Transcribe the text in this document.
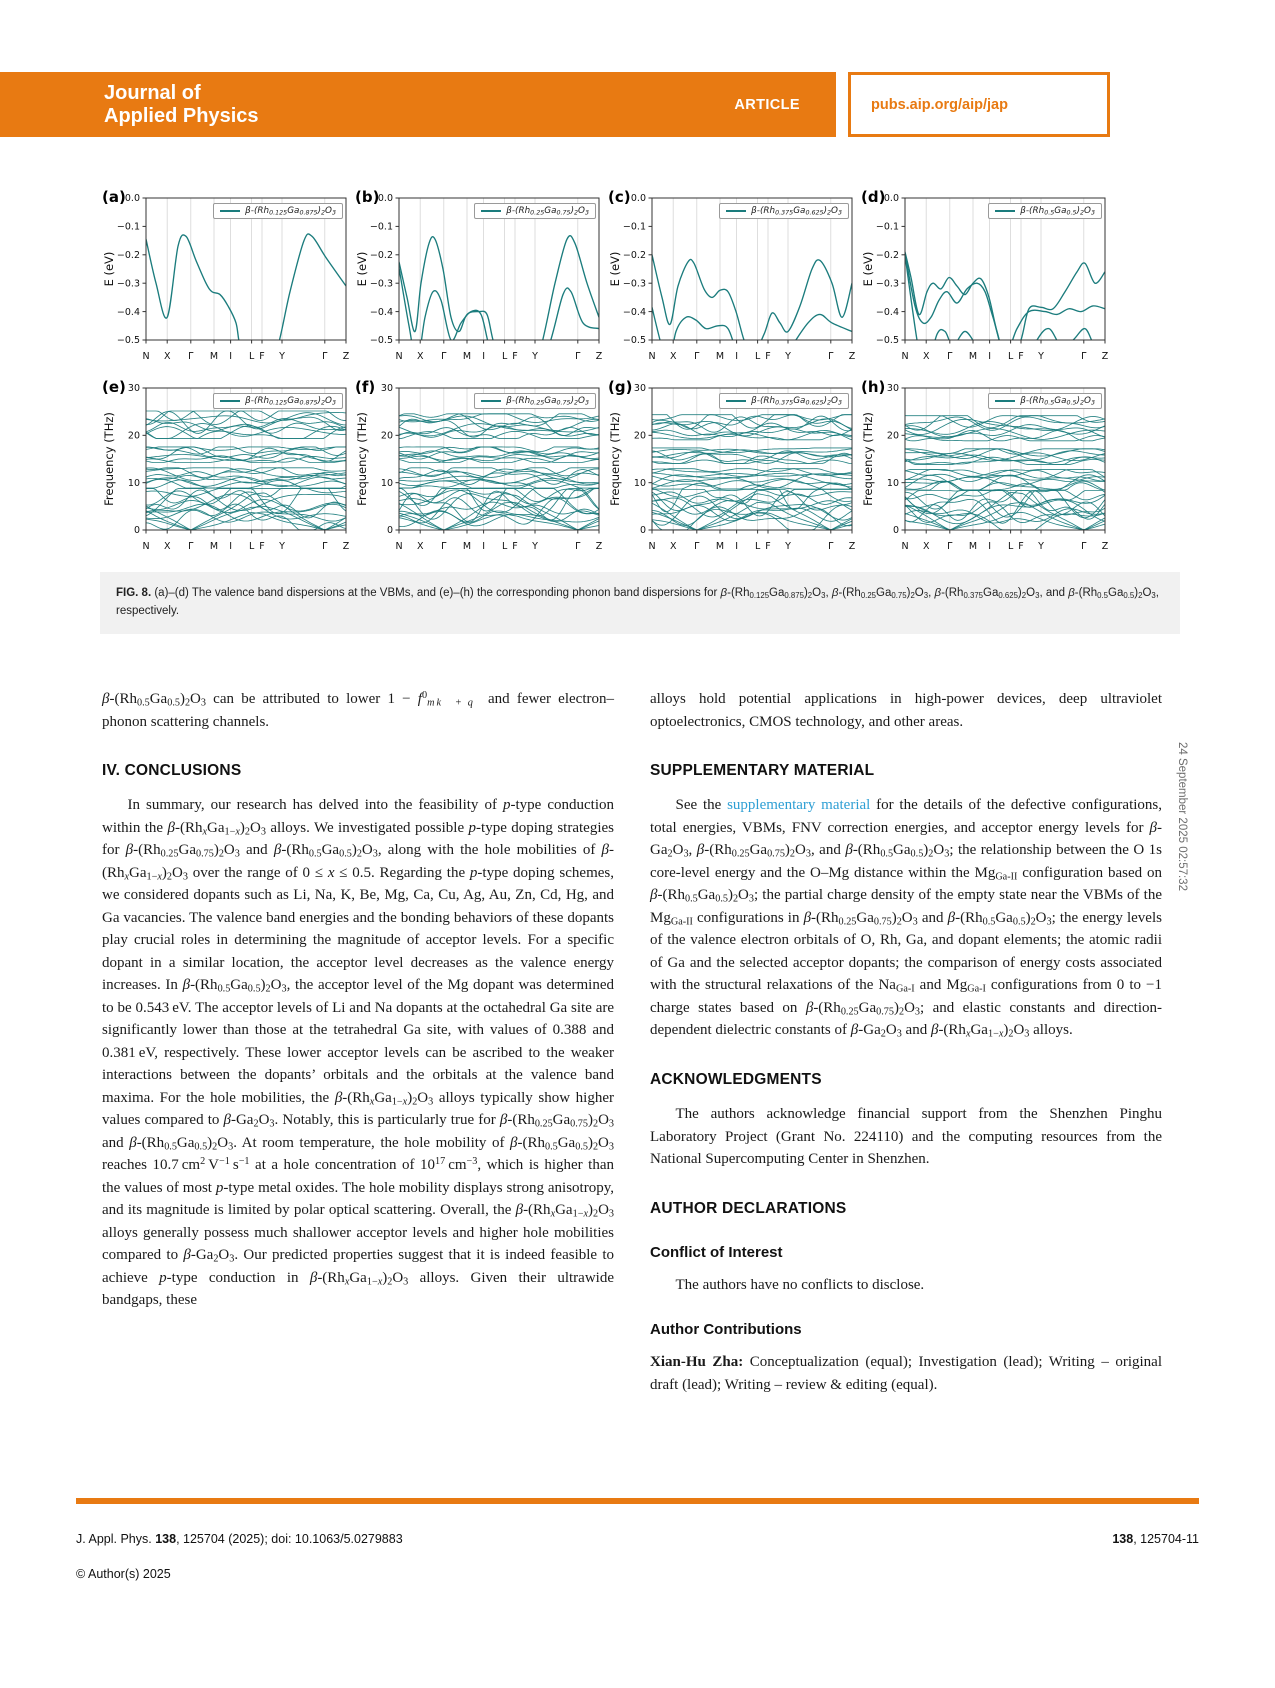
Journal of
Applied Physics	ARTICLE	pubs.aip.org/aip/jap
(a)
N X Γ M I L F Y	Γ Z
0.0
−0.1
−0.2
−0.3
−0.4
−0.5
E (eV)
$\beta-(Rh_{0.125}Ga_{0.875})_2O_3$
(b)
N X Γ M I L F Y	Γ Z
0.0
−0.1
−0.2
−0.3
−0.4
−0.5
E (eV)
$\beta-(Rh_{0.25}Ga_{0.75})_2O_3$
(c)
N X Γ M I L F Y	Γ Z
0.0
−0.1
−0.2
−0.3
−0.4
−0.5
E (eV)
$\beta-(Rh_{0.375}Ga_{0.625})_2O_3$
(d)
N X Γ M I L F Y	Γ Z
0.0
−0.1
−0.2
−0.3
−0.4
−0.5
E (eV)
$\beta-(Rh_{0.5}Ga_{0.5})_2O_3$
(e)
N X Γ M I L F Y	Γ Z
0
10
20
30
Frequency (THz)
$\beta-(Rh_{0.125}Ga_{0.875})_2O_3$
(f)
N X Γ M I L F Y	Γ Z
0
10
20
30
Frequency (THz)
$\beta-(Rh_{0.25}Ga_{0.75})_2O_3$
(g)
N X Γ M I L F Y	Γ Z
0
10
20
30
Frequency (THz)
$\beta-(Rh_{0.375}Ga_{0.625})_2O_3$
(h)
N X Γ M I L F Y	Γ Z
0
10
20
30
Frequency (THz)
$\beta-(Rh_{0.5}Ga_{0.5})_2O_3$
FIG. 8. (a)–(d) The valence band dispersions at the VBMs, and (e)–(h) the corresponding phonon band dispersions for $\beta-(Rh_{0.125}Ga_{0.875})_2O_3$, $\beta-(Rh_{0.25}Ga_{0.75})_2O_3$, $\beta-(Rh_{0.375}Ga_{0.625})_2O_3$, and $\beta-(Rh_{0.5}Ga_{0.5})_2O_3$, respectively.

$\beta-(Rh_{0.5}Ga_{0.5})_2O_3$ can be attributed to lower $1 - f^0_{m k⃗ + q⃗}$ and fewer electron–phonon scattering channels.

IV. CONCLUSIONS

In summary, our research has delved into the feasibility of p-type conduction within the $\beta-(Rh_xGa_{1-x})_2O_3$ alloys. We investigated possible p-type doping strategies for $\beta-(Rh_{0.25}Ga_{0.75})_2O_3$ and $\beta-(Rh_{0.5}Ga_{0.5})_2O_3$, along with the hole mobilities of $\beta-(Rh_xGa_{1-x})_2O_3$ over the range of 0 ≤ x ≤ 0.5. Regarding the p-type doping schemes, we considered dopants such as Li, Na, K, Be, Mg, Ca, Cu, Ag, Au, Zn, Cd, Hg, and Ga vacancies. The valence band energies and the bonding behaviors of these dopants play crucial roles in determining the magnitude of acceptor levels. For a specific dopant in a similar location, the acceptor level decreases as the valence energy increases. In $\beta-(Rh_{0.5}Ga_{0.5})_2O_3$, the acceptor level of the Mg dopant was determined to be 0.543 eV. The acceptor levels of Li and Na dopants at the octahedral Ga site are significantly lower than those at the tetrahedral Ga site, with values of 0.388 and 0.381 eV, respectively. These lower acceptor levels can be ascribed to the weaker interactions between the dopants’ orbitals and the orbitals at the valence band maxima. For the hole mobilities, the $\beta-(Rh_xGa_{1-x})_2O_3$ alloys typically show higher values compared to $\beta-Ga_2O_3$. Notably, this is particularly true for $\beta-(Rh_{0.25}Ga_{0.75})_2O_3$ and $\beta-(Rh_{0.5}Ga_{0.5})_2O_3$. At room temperature, the hole mobility of $\beta-(Rh_{0.5}Ga_{0.5})_2O_3$ reaches 10.7 $cm^2$ $V^{-1}$ $s^{-1}$ at a hole concentration of $10^{17}$ $cm^{-3}$, which is higher than the values of most p-type metal oxides. The hole mobility displays strong anisotropy, and its magnitude is limited by polar optical scattering. Overall, the $\beta-(Rh_xGa_{1-x})_2O_3$ alloys generally possess much shallower acceptor levels and higher hole mobilities compared to $\beta-Ga_2O_3$. Our predicted properties suggest that it is indeed feasible to achieve p-type conduction in $\beta-(Rh_xGa_{1-x})_2O_3$ alloys. Given their ultrawide bandgaps, these

alloys hold potential applications in high-power devices, deep ultraviolet optoelectronics, CMOS technology, and other areas.

SUPPLEMENTARY MATERIAL

See the supplementary material for the details of the defective configurations, total energies, VBMs, FNV correction energies, and acceptor energy levels for $\beta-Ga_2O_3$, $\beta-(Rh_{0.25}Ga_{0.75})_2O_3$, and $\beta-(Rh_{0.5}Ga_{0.5})_2O_3$; the relationship between the O 1s core-level energy and the O–Mg distance within the $Mg_{Ga-II}$ configuration based on $\beta-(Rh_{0.5}Ga_{0.5})_2O_3$; the partial charge density of the empty state near the VBMs of the $Mg_{Ga-II}$ configurations in $\beta-(Rh_{0.25}Ga_{0.75})_2O_3$ and $\beta-(Rh_{0.5}Ga_{0.5})_2O_3$; the energy levels of the valence electron orbitals of O, Rh, Ga, and dopant elements; the atomic radii of Ga and the selected acceptor dopants; the comparison of energy costs associated with the structural relaxations of the $Na_{Ga-I}$ and $Mg_{Ga-I}$ configurations from 0 to −1 charge states based on $\beta-(Rh_{0.25}Ga_{0.75})_2O_3$; and elastic constants and direction-dependent dielectric constants of $\beta-Ga_2O_3$ and $\beta-(Rh_xGa_{1-x})_2O_3$ alloys.

ACKNOWLEDGMENTS

The authors acknowledge financial support from the Shenzhen Pinghu Laboratory Project (Grant No. 224110) and the computing resources from the National Supercomputing Center in Shenzhen.

AUTHOR DECLARATIONS
Conflict of Interest

The authors have no conflicts to disclose.

Author Contributions

Xian-Hu Zha: Conceptualization (equal); Investigation (lead); Writing – original draft (lead); Writing – review & editing (equal).

24 September 2025 02:57:32
J. Appl. Phys. 138, 125704 (2025); doi: 10.1063/5.0279883
© Author(s) 2025
138, 125704-11
